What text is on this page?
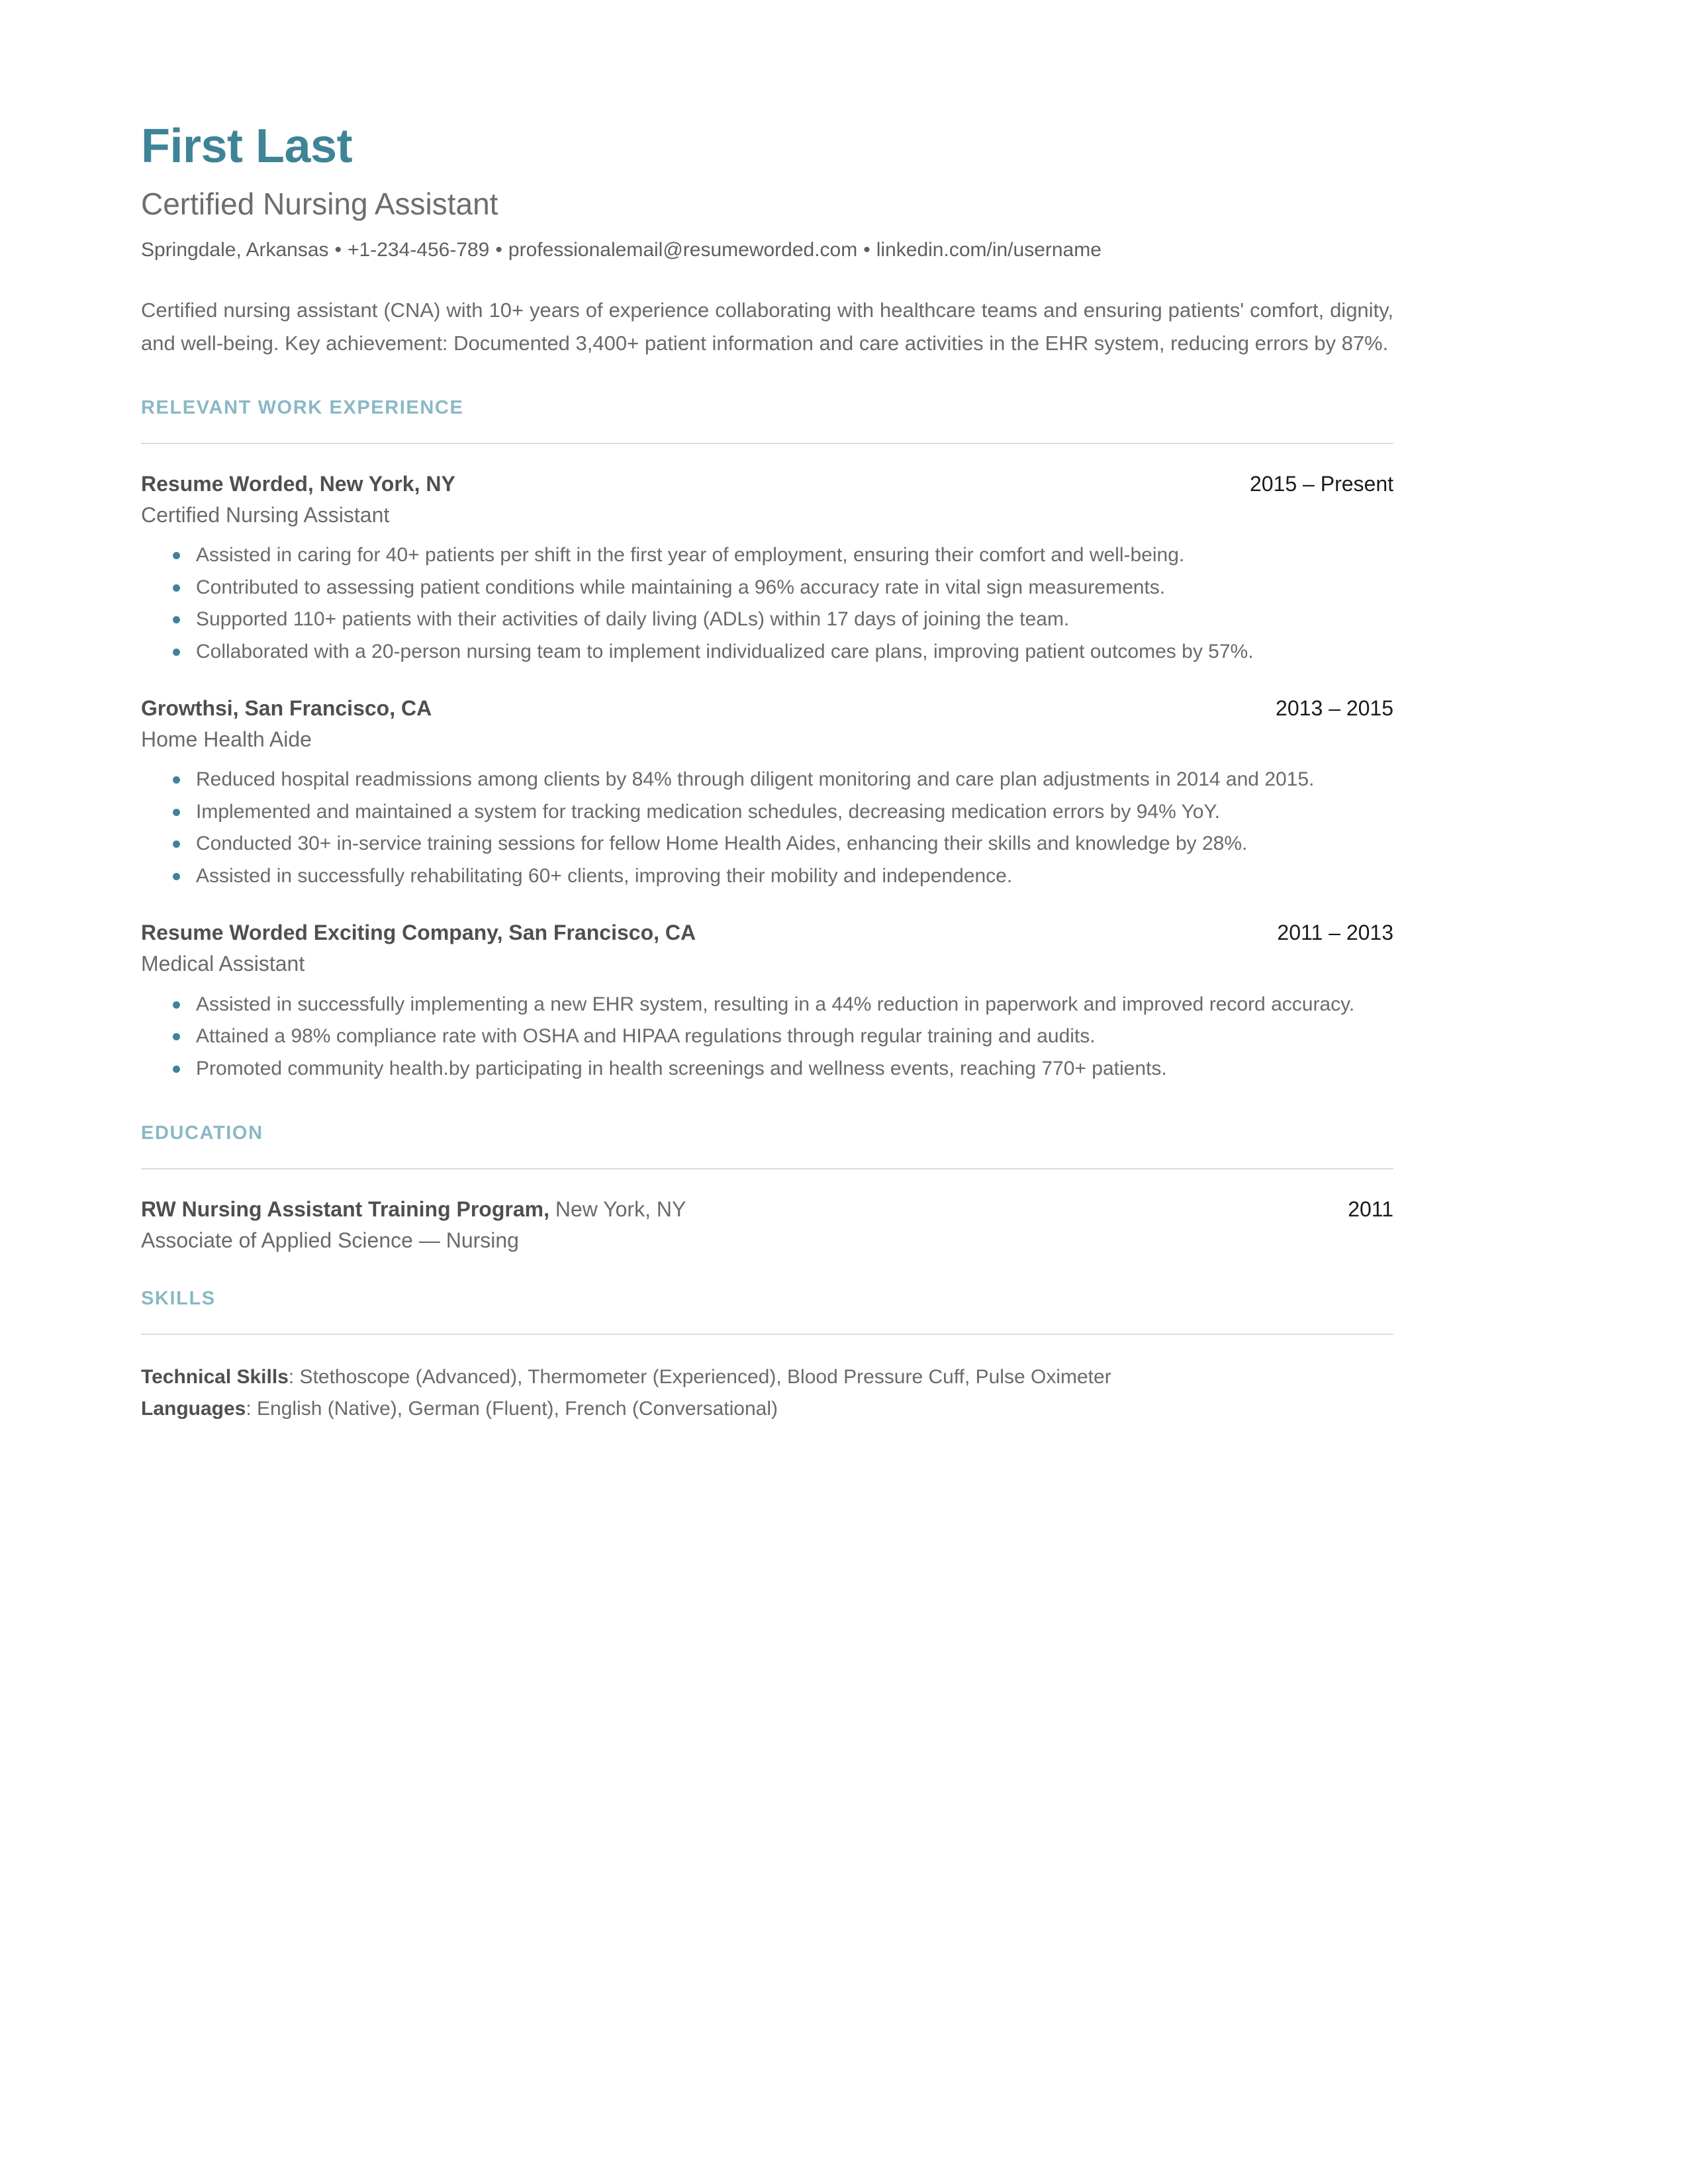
First Last
Certified Nursing Assistant
Springdale, Arkansas • +1-234-456-789 • professionalemail@resumeworded.com • linkedin.com/in/username

Certified nursing assistant (CNA) with 10+ years of experience collaborating with healthcare teams and ensuring patients' comfort, dignity, and well-being. Key achievement: Documented 3,400+ patient information and care activities in the EHR system, reducing errors by 87%.

RELEVANT WORK EXPERIENCE
Resume Worded, New York, NY	2015 – Present
Certified Nursing Assistant
Assisted in caring for 40+ patients per shift in the first year of employment, ensuring their comfort and well-being.
Contributed to assessing patient conditions while maintaining a 96% accuracy rate in vital sign measurements.
Supported 110+ patients with their activities of daily living (ADLs) within 17 days of joining the team.
Collaborated with a 20-person nursing team to implement individualized care plans, improving patient outcomes by 57%.
Growthsi, San Francisco, CA	2013 – 2015
Home Health Aide
Reduced hospital readmissions among clients by 84% through diligent monitoring and care plan adjustments in 2014 and 2015.
Implemented and maintained a system for tracking medication schedules, decreasing medication errors by 94% YoY.
Conducted 30+ in-service training sessions for fellow Home Health Aides, enhancing their skills and knowledge by 28%.
Assisted in successfully rehabilitating 60+ clients, improving their mobility and independence.
Resume Worded Exciting Company, San Francisco, CA	2011 – 2013
Medical Assistant
Assisted in successfully implementing a new EHR system, resulting in a 44% reduction in paperwork and improved record accuracy.
Attained a 98% compliance rate with OSHA and HIPAA regulations through regular training and audits.
Promoted community health.by participating in health screenings and wellness events, reaching 770+ patients.
EDUCATION
RW Nursing Assistant Training Program, New York, NY	2011
Associate of Applied Science — Nursing
SKILLS
Technical Skills: Stethoscope (Advanced), Thermometer (Experienced), Blood Pressure Cuff, Pulse Oximeter
Languages: English (Native), German (Fluent), French (Conversational)
